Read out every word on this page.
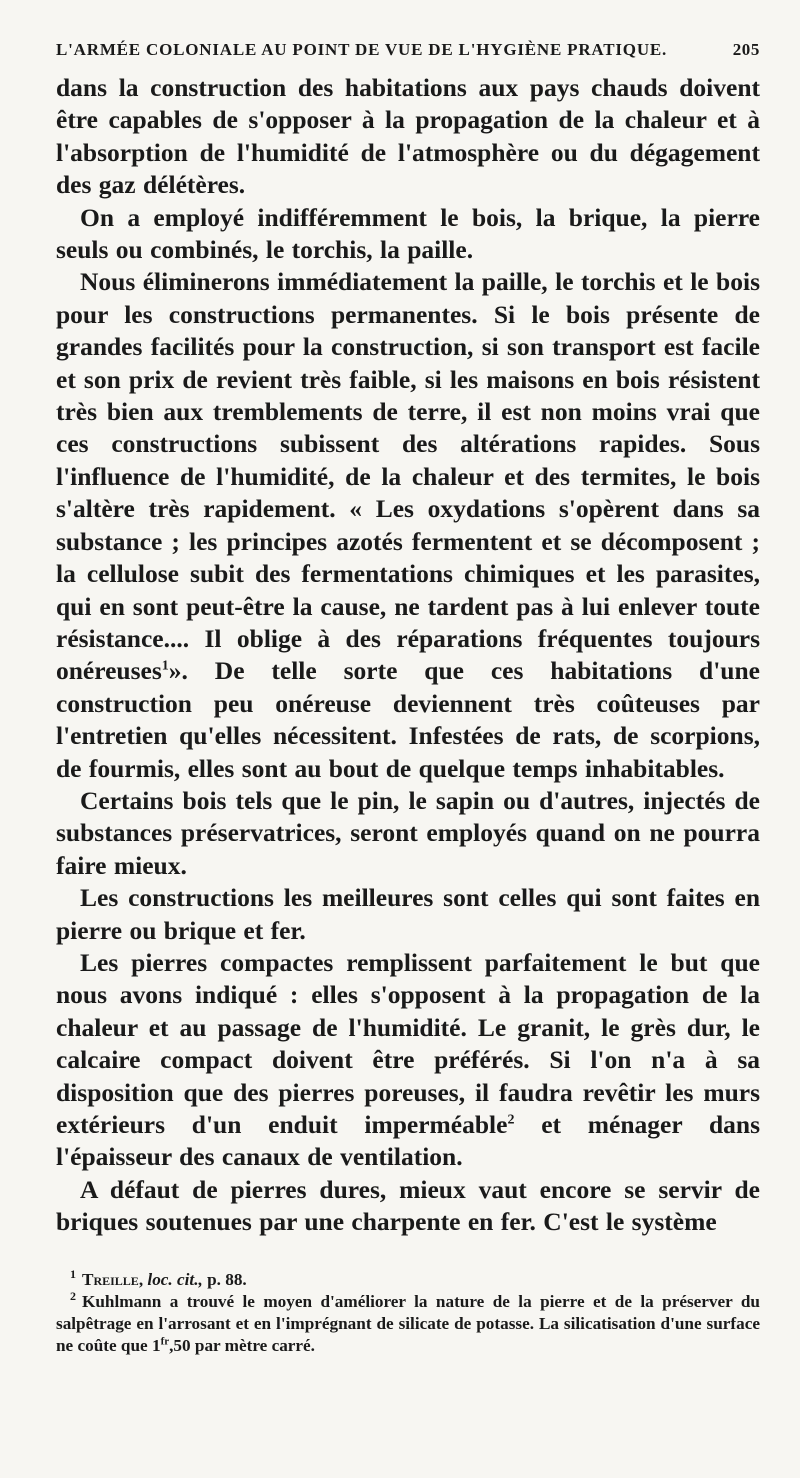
L'ARMÉE COLONIALE AU POINT DE VUE DE L'HYGIÈNE PRATIQUE.	205

dans la construction des habitations aux pays chauds doivent être capables de s'opposer à la propagation de la chaleur et à l'absorption de l'humidité de l'atmosphère ou du dégagement des gaz délétères.

On a employé indifféremment le bois, la brique, la pierre seuls ou combinés, le torchis, la paille.

Nous éliminerons immédiatement la paille, le torchis et le bois pour les constructions permanentes. Si le bois présente de grandes facilités pour la construction, si son transport est facile et son prix de revient très faible, si les maisons en bois résistent très bien aux tremblements de terre, il est non moins vrai que ces constructions subissent des altérations rapides. Sous l'influence de l'humidité, de la chaleur et des termites, le bois s'altère très rapidement. « Les oxydations s'opèrent dans sa substance ; les principes azotés fermentent et se décomposent ; la cellulose subit des fermentations chimiques et les parasites, qui en sont peut-être la cause, ne tardent pas à lui enlever toute résistance.... Il oblige à des réparations fréquentes toujours onéreuses$^1$». De telle sorte que ces habitations d'une construction peu onéreuse deviennent très coûteuses par l'entretien qu'elles nécessitent. Infestées de rats, de scorpions, de fourmis, elles sont au bout de quelque temps inhabitables.

Certains bois tels que le pin, le sapin ou d'autres, injectés de substances préservatrices, seront employés quand on ne pourra faire mieux.

Les constructions les meilleures sont celles qui sont faites en pierre ou brique et fer.

Les pierres compactes remplissent parfaitement le but que nous avons indiqué : elles s'opposent à la propagation de la chaleur et au passage de l'humidité. Le granit, le grès dur, le calcaire compact doivent être préférés. Si l'on n'a à sa disposition que des pierres poreuses, il faudra revêtir les murs extérieurs d'un enduit imperméable$^2$ et ménager dans l'épaisseur des canaux de ventilation.

A défaut de pierres dures, mieux vaut encore se servir de briques soutenues par une charpente en fer. C'est le système

$^1$ Treille, loc. cit., p. 88.

$^2$ Kuhlmann a trouvé le moyen d'améliorer la nature de la pierre et de la préserver du salpêtrage en l'arrosant et en l'imprégnant de silicate de potasse. La silicatisation d'une surface ne coûte que $1^{fr},50$ par mètre carré.
